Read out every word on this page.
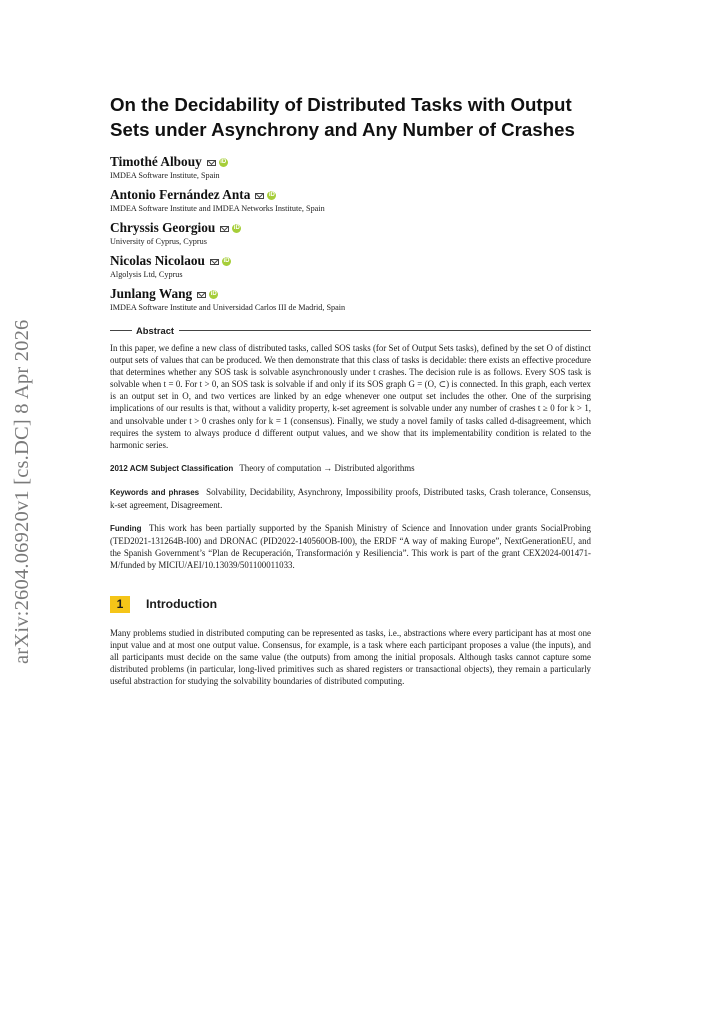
arXiv:2604.06920v1 [cs.DC] 8 Apr 2026
On the Decidability of Distributed Tasks with Output Sets under Asynchrony and Any Number of Crashes
Timothé Albouy	iD
IMDEA Software Institute, Spain
Antonio Fernández Anta	iD
IMDEA Software Institute and IMDEA Networks Institute, Spain
Chryssis Georgiou	iD
University of Cyprus, Cyprus
Nicolas Nicolaou	iD
Algolysis Ltd, Cyprus
Junlang Wang	iD
IMDEA Software Institute and Universidad Carlos III de Madrid, Spain
Abstract

In this paper, we define a new class of distributed tasks, called SOS tasks (for Set of Output Sets tasks), defined by the set O of distinct output sets of values that can be produced. We then demonstrate that this class of tasks is decidable: there exists an effective procedure that determines whether any SOS task is solvable asynchronously under t crashes. The decision rule is as follows. Every SOS task is solvable when t = 0. For t > 0, an SOS task is solvable if and only if its SOS graph G = (O, ⊂) is connected. In this graph, each vertex is an output set in O, and two vertices are linked by an edge whenever one output set includes the other. One of the surprising implications of our results is that, without a validity property, k-set agreement is solvable under any number of crashes t ≥ 0 for k > 1, and unsolvable under t > 0 crashes only for k = 1 (consensus). Finally, we study a novel family of tasks called d-disagreement, which requires the system to always produce d different output values, and we show that its implementability condition is related to the harmonic series.

2012 ACM Subject Classification Theory of computation → Distributed algorithms

Keywords and phrases Solvability, Decidability, Asynchrony, Impossibility proofs, Distributed tasks, Crash tolerance, Consensus, k-set agreement, Disagreement.

Funding This work has been partially supported by the Spanish Ministry of Science and Innovation under grants SocialProbing (TED2021-131264B-I00) and DRONAC (PID2022-140560OB-I00), the ERDF “A way of making Europe”, NextGenerationEU, and the Spanish Government’s “Plan de Recuperación, Transformación y Resiliencia”. This work is part of the grant CEX2024-001471-M/funded by MICIU/AEI/10.13039/501100011033.

1	Introduction

Many problems studied in distributed computing can be represented as tasks, i.e., abstractions where every participant has at most one input value and at most one output value. Consensus, for example, is a task where each participant proposes a value (the inputs), and all participants must decide on the same value (the outputs) from among the initial proposals. Although tasks cannot capture some distributed problems (in particular, long-lived primitives such as shared registers or transactional objects), they remain a particularly useful abstraction for studying the solvability boundaries of distributed computing.
